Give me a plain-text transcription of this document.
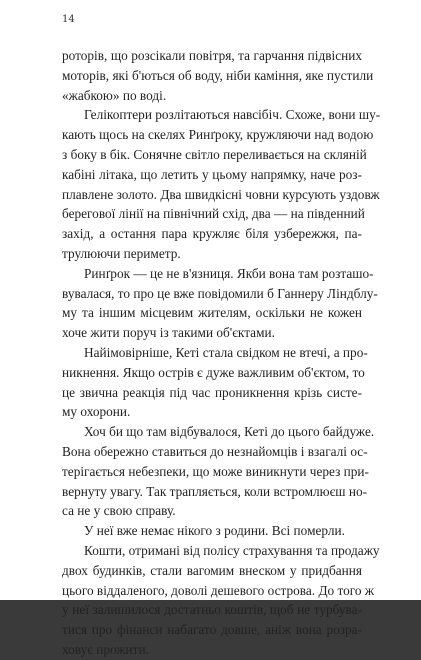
14
роторів, що розсікали повітря, та гарчання підвісних
моторів, які б'ються об воду, ніби каміння, яке пустили
«жабкою» по воді.
Гелікоптери розлітаються навсібіч. Схоже, вони шу-
кають щось на скелях Ринґроку, кружляючи над водою
з боку в бік. Сонячне світло переливається на скляній
кабіні літака, що летить у цьому напрямку, наче роз-
плавлене золото. Два швидкісні човни курсують уздовж
берегової лінії на північний схід, два — на південний
захід, а остання пара кружляє біля узбережжя, па-
трулюючи периметр.
Ринґрок — це не в'язниця. Якби вона там розташо-
вувалася, то про це вже повідомили б Ганнеру Ліндблу-
му та іншим місцевим жителям, оскільки не кожен
хоче жити поруч із такими об'єктами.
Найімовірніше, Кеті стала свідком не втечі, а про-
никнення. Якщо острів є дуже важливим об'єктом, то
це звична реакція під час проникнення крізь систе-
му охорони.
Хоч би що там відбувалося, Кеті до цього байдуже.
Вона обережно ставиться до незнайомців і взагалі ос-
терігається небезпеки, що може виникнути через при-
вернуту увагу. Так трапляється, коли встромлюєш но-
са не у свою справу.
У неї вже немає нікого з родини. Всі померли.
Кошти, отримані від полісу страхування та продажу
двох будинків, стали вагомим внеском у придбання
цього віддаленого, доволі дешевого острова. До того ж
у неї залишилося достатньо коштів, щоб не турбува-
тися про фінанси набагато довше, аніж вона розра-
ховує прожити.
